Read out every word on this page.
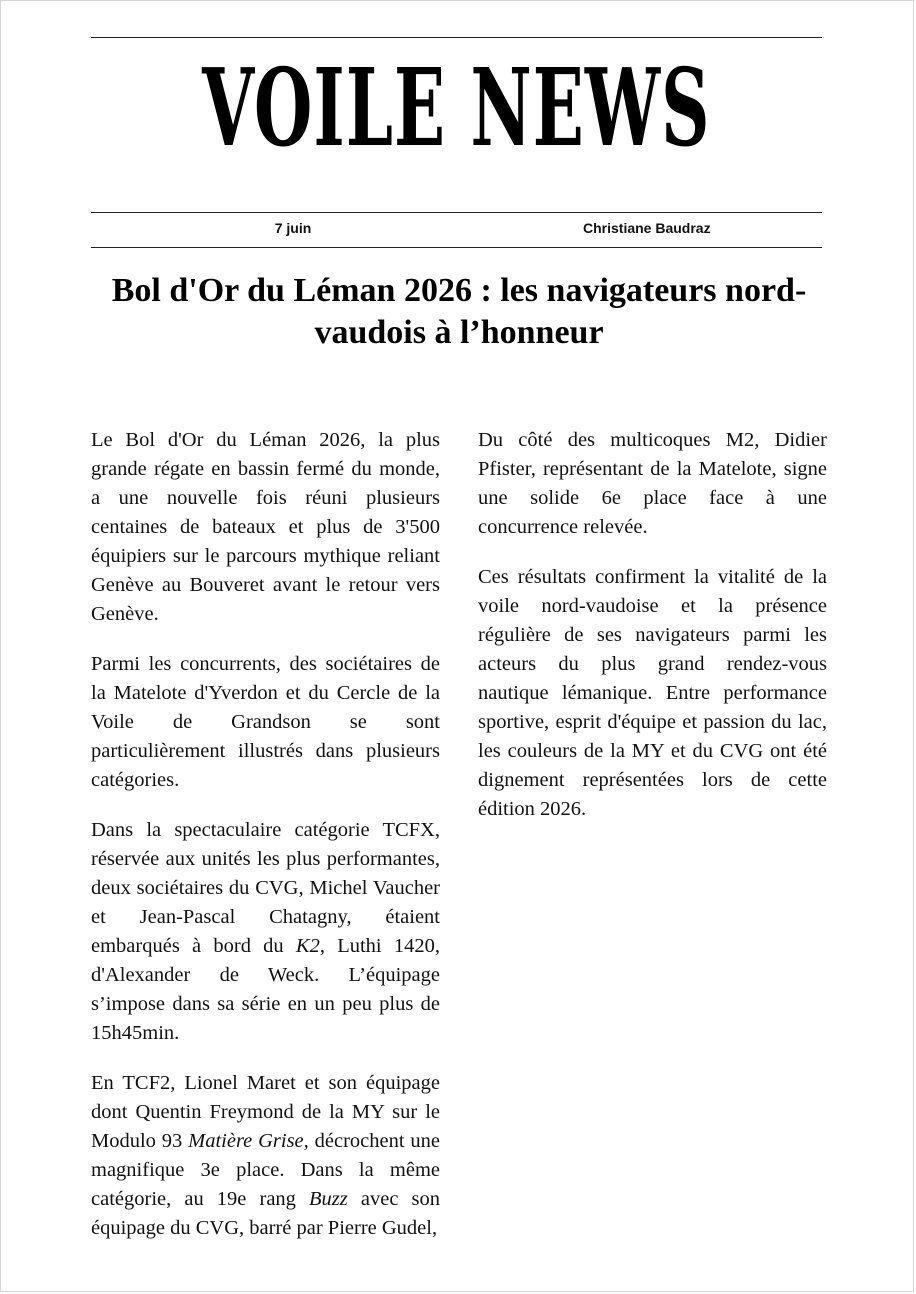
VOILE NEWS
7 juin	Christiane Baudraz
Bol d'Or du Léman 2026 : les navigateurs nord-vaudois à l’honneur

Le Bol d'Or du Léman 2026, la plus grande régate en bassin fermé du monde, a une nouvelle fois réuni plusieurs centaines de bateaux et plus de 3'500 équipiers sur le parcours mythique reliant Genève au Bouveret avant le retour vers Genève.

Parmi les concurrents, des sociétaires de la Matelote d'Yverdon et du Cercle de la Voile de Grandson se sont particulièrement illustrés dans plusieurs catégories.

Dans la spectaculaire catégorie TCFX, réservée aux unités les plus performantes, deux sociétaires du CVG, Michel Vaucher et Jean-Pascal Chatagny, étaient embarqués à bord du K2, Luthi 1420, d'Alexander de Weck. L’équipage s’impose dans sa série en un peu plus de 15h45min.

En TCF2, Lionel Maret et son équipage dont Quentin Freymond de la MY sur le Modulo 93 Matière Grise, décrochent une magnifique 3e place. Dans la même catégorie, au 19e rang Buzz avec son équipage du CVG, barré par Pierre Gudel,

Du côté des multicoques M2, Didier Pfister, représentant de la Matelote, signe une solide 6e place face à une concurrence relevée.

Ces résultats confirment la vitalité de la voile nord-vaudoise et la présence régulière de ses navigateurs parmi les acteurs du plus grand rendez-vous nautique lémanique. Entre performance sportive, esprit d'équipe et passion du lac, les couleurs de la MY et du CVG ont été dignement représentées lors de cette édition 2026.
